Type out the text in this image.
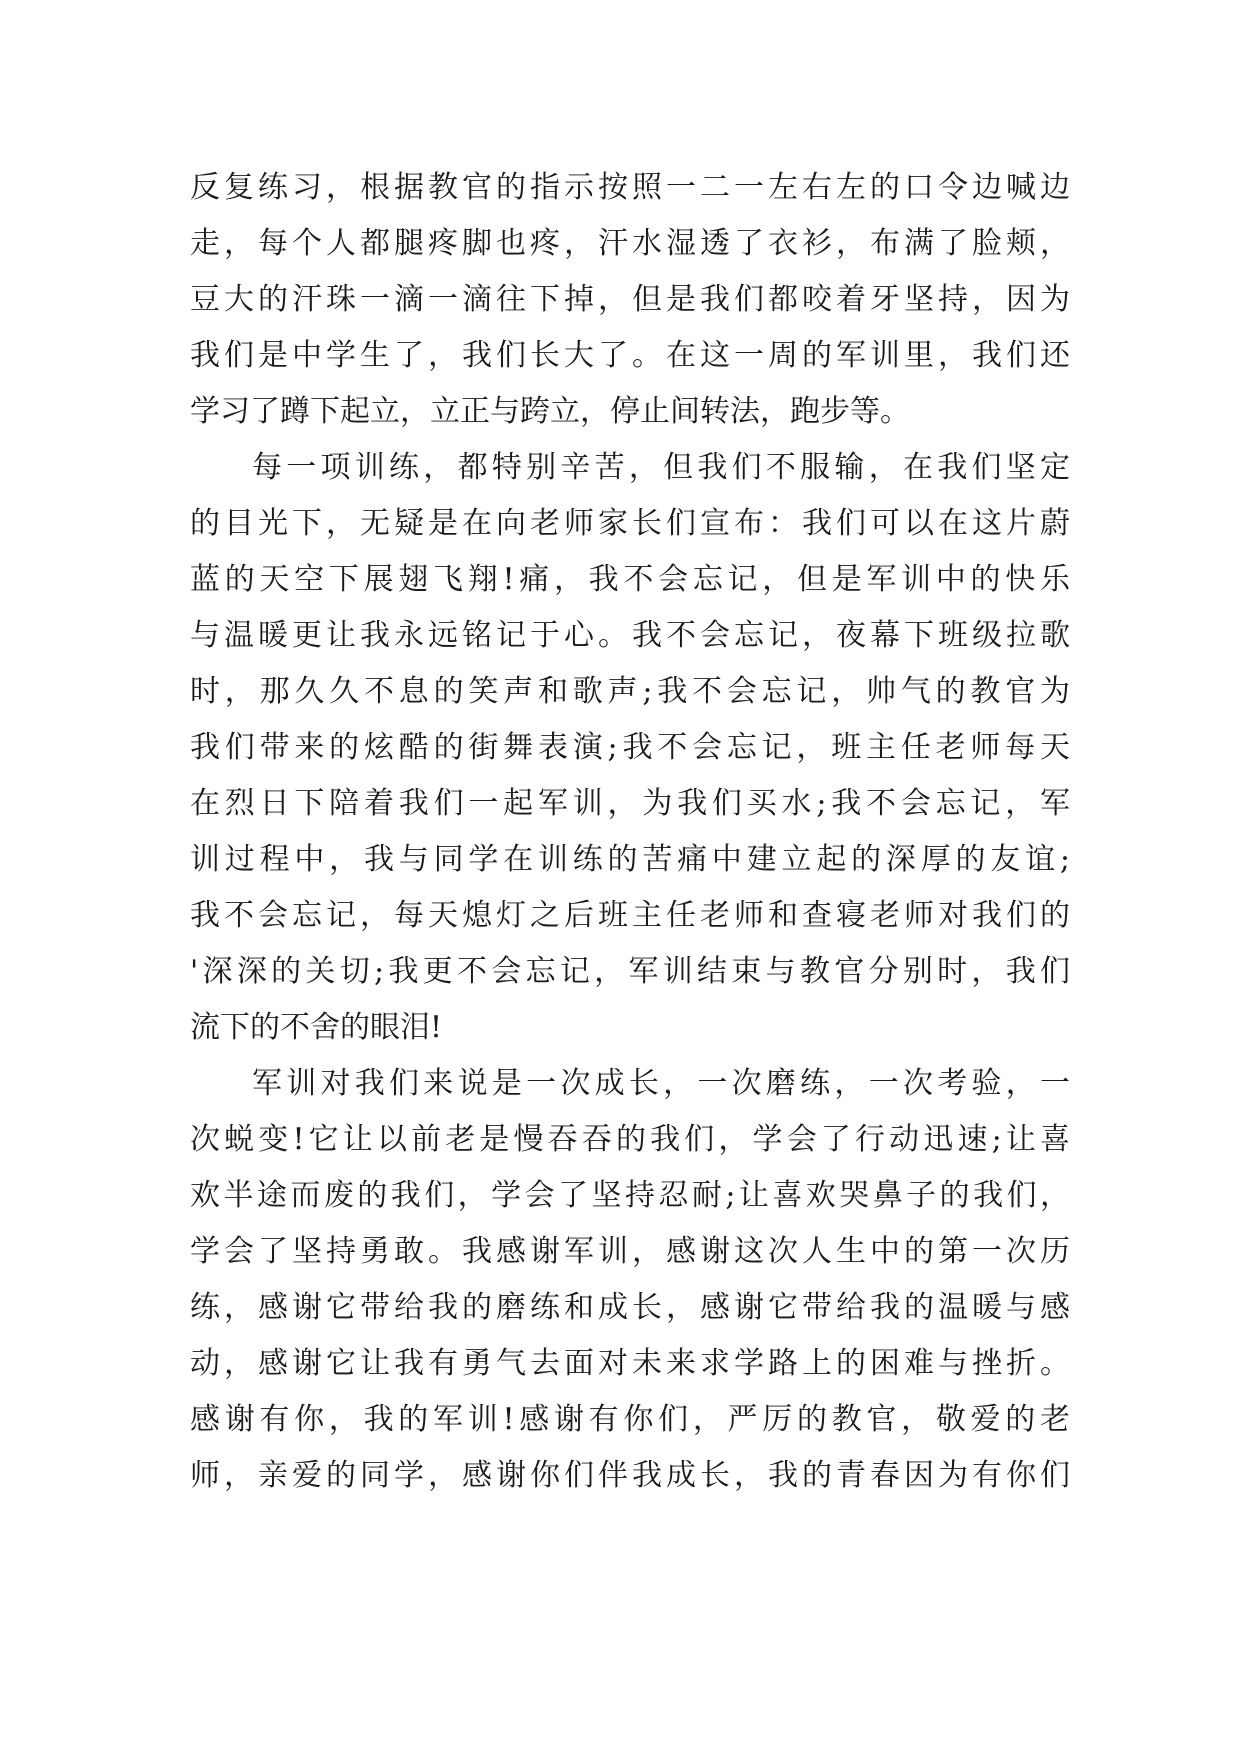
反复练习，根据教官的指示按照一二一左右左的口令边喊边
走，每个人都腿疼脚也疼，汗水湿透了衣衫，布满了脸颊，
豆大的汗珠一滴一滴往下掉，但是我们都咬着牙坚持，因为
我们是中学生了，我们长大了。在这一周的军训里，我们还
学习了蹲下起立，立正与跨立，停止间转法，跑步等。
每一项训练，都特别辛苦，但我们不服输，在我们坚定
的目光下，无疑是在向老师家长们宣布：我们可以在这片蔚
蓝的天空下展翅飞翔!痛，我不会忘记，但是军训中的快乐
与温暖更让我永远铭记于心。我不会忘记，夜幕下班级拉歌
时，那久久不息的笑声和歌声;我不会忘记，帅气的教官为
我们带来的炫酷的街舞表演;我不会忘记，班主任老师每天
在烈日下陪着我们一起军训，为我们买水;我不会忘记，军
训过程中，我与同学在训练的苦痛中建立起的深厚的友谊;
我不会忘记，每天熄灯之后班主任老师和查寝老师对我们的
'深深的关切;我更不会忘记，军训结束与教官分别时，我们
流下的不舍的眼泪!
军训对我们来说是一次成长，一次磨练，一次考验，一
次蜕变!它让以前老是慢吞吞的我们，学会了行动迅速;让喜
欢半途而废的我们，学会了坚持忍耐;让喜欢哭鼻子的我们，
学会了坚持勇敢。我感谢军训，感谢这次人生中的第一次历
练，感谢它带给我的磨练和成长，感谢它带给我的温暖与感
动，感谢它让我有勇气去面对未来求学路上的困难与挫折。
感谢有你，我的军训!感谢有你们，严厉的教官，敬爱的老
师，亲爱的同学，感谢你们伴我成长，我的青春因为有你们
